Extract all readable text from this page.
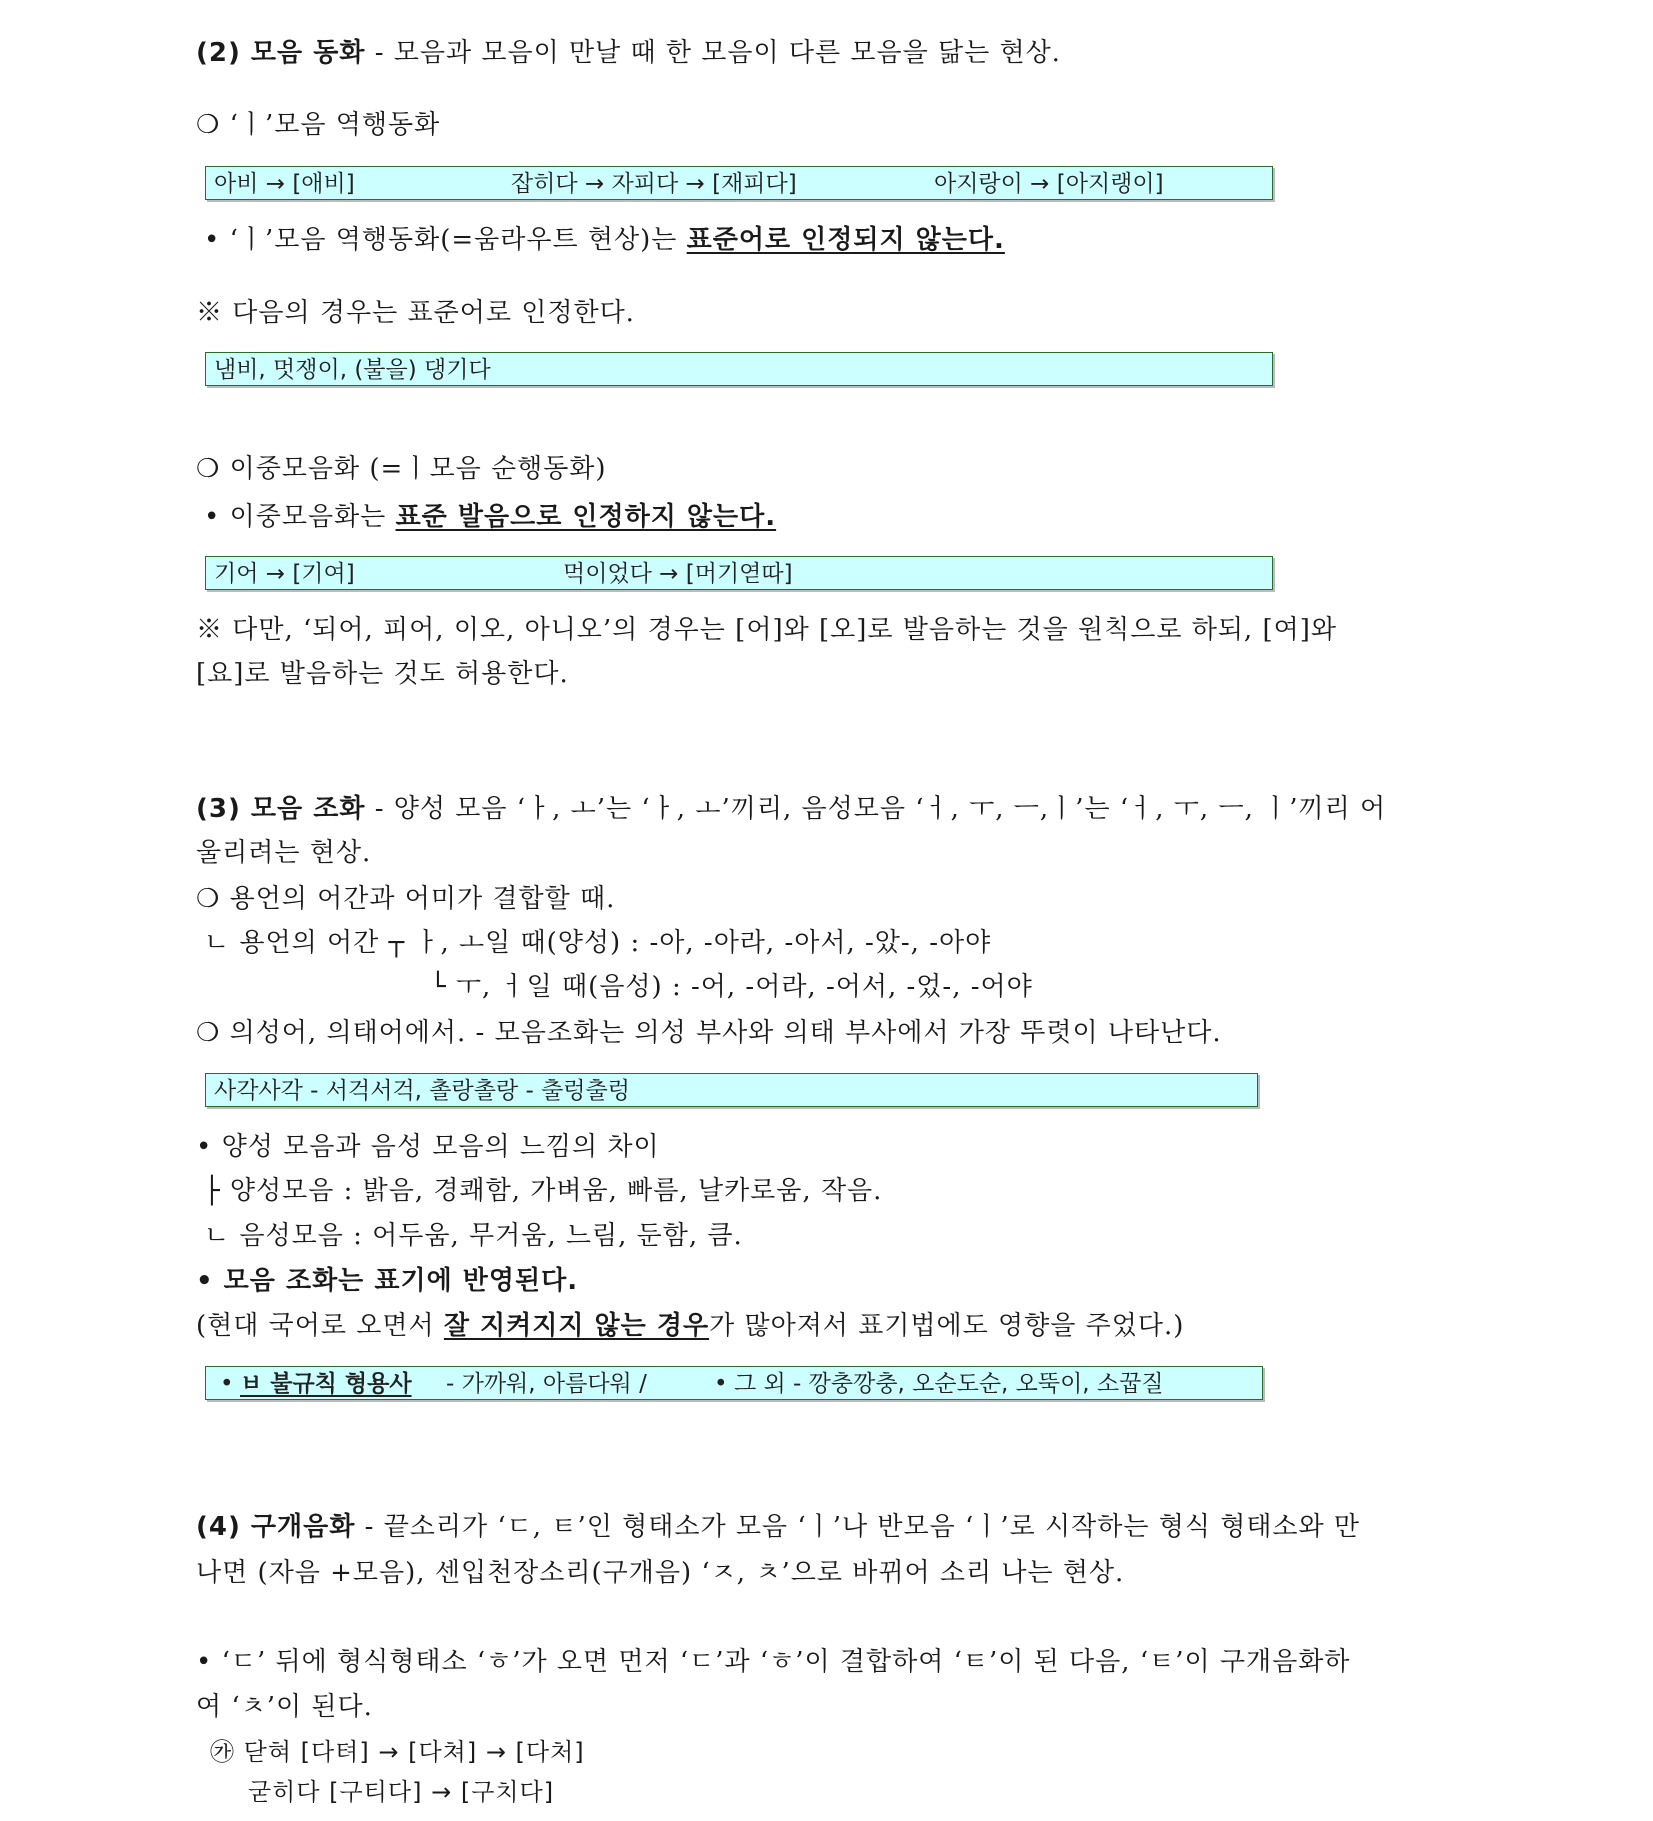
(2) 모음 동화 - 모음과 모음이 만날 때 한 모음이 다른 모음을 닮는 현상.
❍ ‘ㅣ’모음 역행동화
아비 → [애비]	잡히다 → 자피다 → [재피다]	아지랑이 → [아지랭이]
• ‘ㅣ’모음 역행동화(=움라우트 현상)는 표준어로 인정되지 않는다.
※ 다음의 경우는 표준어로 인정한다.
냄비, 멋쟁이, (불을) 댕기다
❍ 이중모음화 (=ㅣ모음 순행동화)
• 이중모음화는 표준 발음으로 인정하지 않는다.
기어 → [기여]	먹이었다 → [머기엳따]
※ 다만, ‘되어, 피어, 이오, 아니오’의 경우는 [어]와 [오]로 발음하는 것을 원칙으로 하되, [여]와
[요]로 발음하는 것도 허용한다.
(3) 모음 조화 - 양성 모음 ‘ㅏ, ㅗ’는 ‘ㅏ, ㅗ’끼리, 음성모음 ‘ㅓ, ㅜ, ㅡ,ㅣ’는 ‘ㅓ, ㅜ, ㅡ, ㅣ’끼리 어
울리려는 현상.
❍ 용언의 어간과 어미가 결합할 때.
ㄴ 용언의 어간 ┬ ㅏ, ㅗ일 때(양성) : -아, -아라, -아서, -았-, -아야
└ ㅜ, ㅓ일 때(음성) : -어, -어라, -어서, -었-, -어야
❍ 의성어, 의태어에서. - 모음조화는 의성 부사와 의태 부사에서 가장 뚜렷이 나타난다.
사각사각 - 서걱서걱, 촐랑촐랑 - 출렁출렁
• 양성 모음과 음성 모음의 느낌의 차이
├ 양성모음 : 밝음, 경쾌함, 가벼움, 빠름, 날카로움, 작음.
ㄴ 음성모음 : 어두움, 무거움, 느림, 둔함, 큼.
• 모음 조화는 표기에 반영된다.
(현대 국어로 오면서 잘 지켜지지 않는 경우가 많아져서 표기법에도 영향을 주었다.)
• ㅂ 불규칙 형용사 - 가까워, 아름다워 /	• 그 외 - 깡충깡충, 오순도순, 오뚝이, 소꿉질
(4) 구개음화 - 끝소리가 ‘ㄷ, ㅌ’인 형태소가 모음 ‘ㅣ’나 반모음 ‘ㅣ’로 시작하는 형식 형태소와 만
나면 (자음 +모음), 센입천장소리(구개음) ‘ㅈ, ㅊ’으로 바뀌어 소리 나는 현상.
• ‘ㄷ’ 뒤에 형식형태소 ‘ㅎ’가 오면 먼저 ‘ㄷ’과 ‘ㅎ’이 결합하여 ‘ㅌ’이 된 다음, ‘ㅌ’이 구개음화하
여 ‘ㅊ’이 된다.
㉮ 닫혀 [다텨] → [다쳐] → [다처]
굳히다 [구티다] → [구치다]
